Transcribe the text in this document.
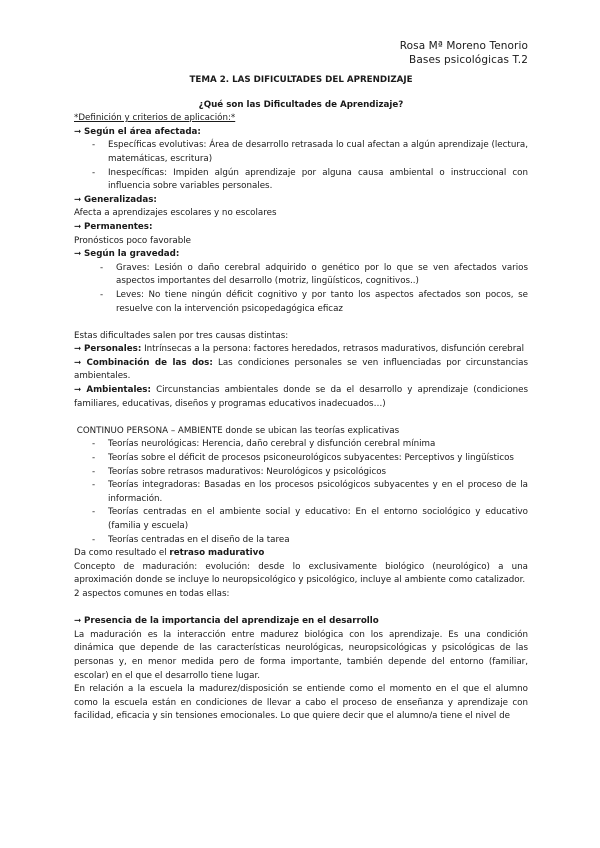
Rosa Mª Moreno Tenorio
Bases psicológicas T.2

TEMA 2. LAS DIFICULTADES DEL APRENDIZAJE

¿Qué son las Dificultades de Aprendizaje?

*Definición y criterios de aplicación:*

➞ Según el área afectada:

- Específicas evolutivas: Área de desarrollo retrasada lo cual afectan a algún aprendizaje (lectura, matemáticas, escritura)
- Inespecíficas: Impiden algún aprendizaje por alguna causa ambiental o instruccional con influencia sobre variables personales.

➞ Generalizadas:

Afecta a aprendizajes escolares y no escolares

➞ Permanentes:

Pronósticos poco favorable

➞ Según la gravedad:

- Graves: Lesión o daño cerebral adquirido o genético por lo que se ven afectados varios aspectos importantes del desarrollo (motriz, lingüísticos, cognitivos..)
- Leves: No tiene ningún déficit cognitivo y por tanto los aspectos afectados son pocos, se resuelve con la intervención psicopedagógica eficaz

Estas dificultades salen por tres causas distintas:

➞ Personales: Intrínsecas a la persona: factores heredados, retrasos madurativos, disfunción cerebral

➞ Combinación de las dos: Las condiciones personales se ven influenciadas por circunstancias ambientales.

➞ Ambientales: Circunstancias ambientales donde se da el desarrollo y aprendizaje (condiciones familiares, educativas, diseños y programas educativos inadecuados…)

CONTINUO PERSONA – AMBIENTE donde se ubican las teorías explicativas

- Teorías neurológicas: Herencia, daño cerebral y disfunción cerebral mínima
- Teorías sobre el déficit de procesos psiconeurológicos subyacentes: Perceptivos y lingüísticos
- Teorías sobre retrasos madurativos: Neurológicos y psicológicos
- Teorías integradoras: Basadas en los procesos psicológicos subyacentes y en el proceso de la información.
- Teorías centradas en el ambiente social y educativo: En el entorno sociológico y educativo (familia y escuela)
- Teorías centradas en el diseño de la tarea

Da como resultado el retraso madurativo

Concepto de maduración: evolución: desde lo exclusivamente biológico (neurológico) a una aproximación donde se incluye lo neuropsicológico y psicológico, incluye al ambiente como catalizador.

2 aspectos comunes en todas ellas:

➞ Presencia de la importancia del aprendizaje en el desarrollo

La maduración es la interacción entre madurez biológica con los aprendizaje. Es una condición dinámica que depende de las características neurológicas, neuropsicológicas y psicológicas de las personas y, en menor medida pero de forma importante, también depende del entorno (familiar, escolar) en el que el desarrollo tiene lugar.

En relación a la escuela la madurez/disposición se entiende como el momento en el que el alumno como la escuela están en condiciones de llevar a cabo el proceso de enseñanza y aprendizaje con facilidad, eficacia y sin tensiones emocionales. Lo que quiere decir que el alumno/a tiene el nivel de
